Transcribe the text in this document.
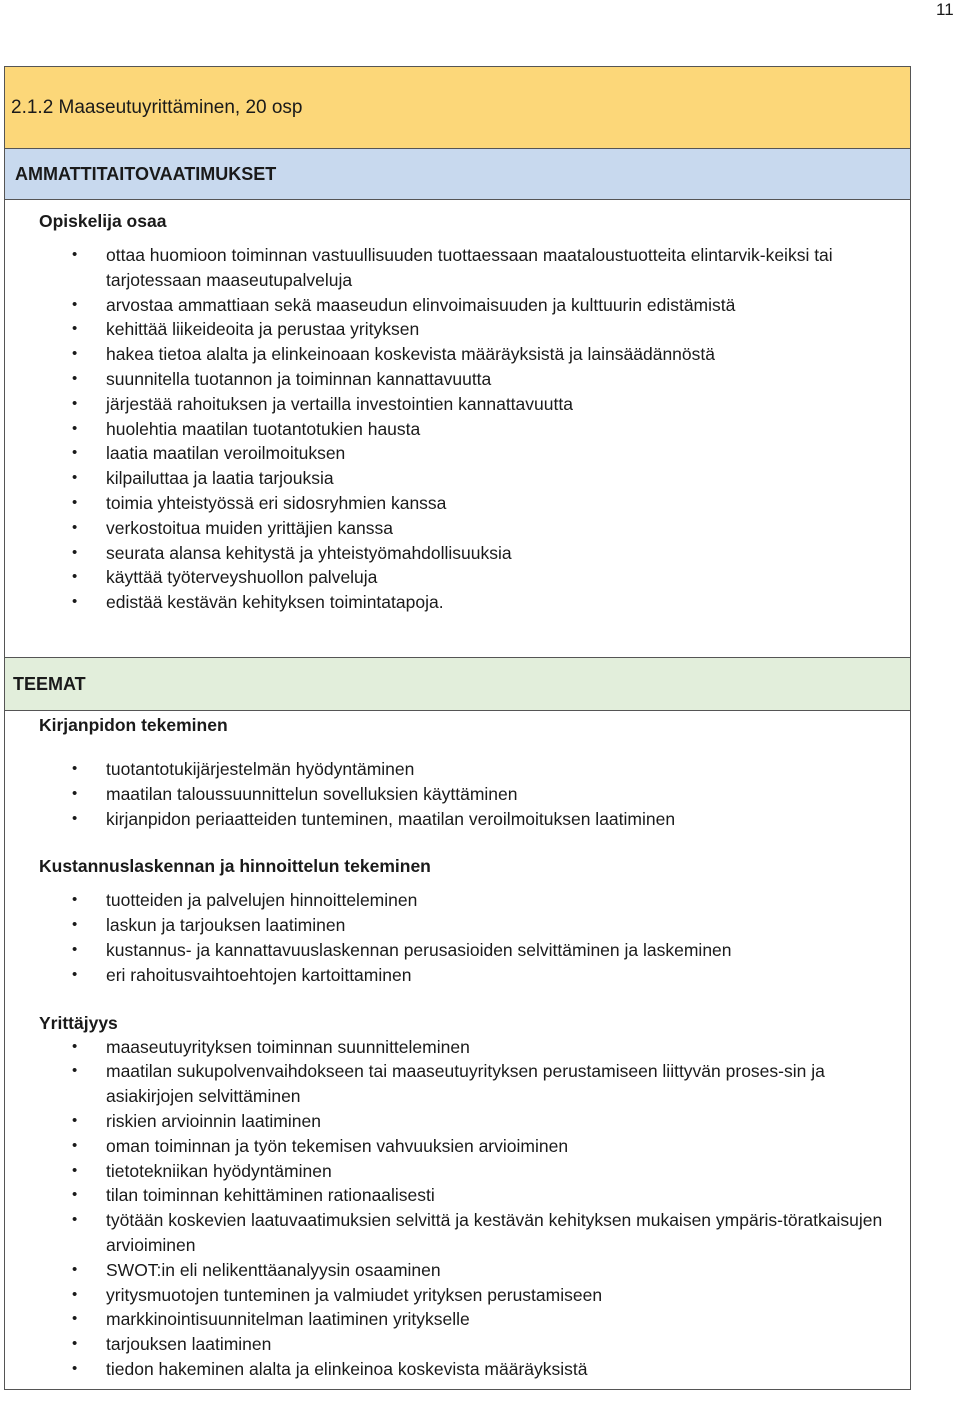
11
2.1.2 Maaseutuyrittäminen, 20 osp
AMMATTITAITOVAATIMUKSET
Opiskelija osaa
• ottaa huomioon toiminnan vastuullisuuden tuottaessaan maataloustuotteita elintarvik-keiksi tai tarjotessaan maaseutupalveluja
• arvostaa ammattiaan sekä maaseudun elinvoimaisuuden ja kulttuurin edistämistä
• kehittää liikeideoita ja perustaa yrityksen
• hakea tietoa alalta ja elinkeinoaan koskevista määräyksistä ja lainsäädännöstä
• suunnitella tuotannon ja toiminnan kannattavuutta
• järjestää rahoituksen ja vertailla investointien kannattavuutta
• huolehtia maatilan tuotantotukien hausta
• laatia maatilan veroilmoituksen
• kilpailuttaa ja laatia tarjouksia
• toimia yhteistyössä eri sidosryhmien kanssa
• verkostoitua muiden yrittäjien kanssa
• seurata alansa kehitystä ja yhteistyömahdollisuuksia
• käyttää työterveyshuollon palveluja
• edistää kestävän kehityksen toimintatapoja.
TEEMAT
Kirjanpidon tekeminen
• tuotantotukijärjestelmän hyödyntäminen
• maatilan taloussuunnittelun sovelluksien käyttäminen
• kirjanpidon periaatteiden tunteminen, maatilan veroilmoituksen laatiminen
Kustannuslaskennan ja hinnoittelun tekeminen
• tuotteiden ja palvelujen hinnoitteleminen
• laskun ja tarjouksen laatiminen
• kustannus- ja kannattavuuslaskennan perusasioiden selvittäminen ja laskeminen
• eri rahoitusvaihtoehtojen kartoittaminen
Yrittäjyys
• maaseutuyrityksen toiminnan suunnitteleminen
• maatilan sukupolvenvaihdokseen tai maaseutuyrityksen perustamiseen liittyvän proses-sin ja asiakirjojen selvittäminen
• riskien arvioinnin laatiminen
• oman toiminnan ja työn tekemisen vahvuuksien arvioiminen
• tietotekniikan hyödyntäminen
• tilan toiminnan kehittäminen rationaalisesti
• työtään koskevien laatuvaatimuksien selvittä ja kestävän kehityksen mukaisen ympäris-töratkaisujen arvioiminen
• SWOT:in eli nelikenttäanalyysin osaaminen
• yritysmuotojen tunteminen ja valmiudet yrityksen perustamiseen
• markkinointisuunnitelman laatiminen yritykselle
• tarjouksen laatiminen
• tiedon hakeminen alalta ja elinkeinoa koskevista määräyksistä
